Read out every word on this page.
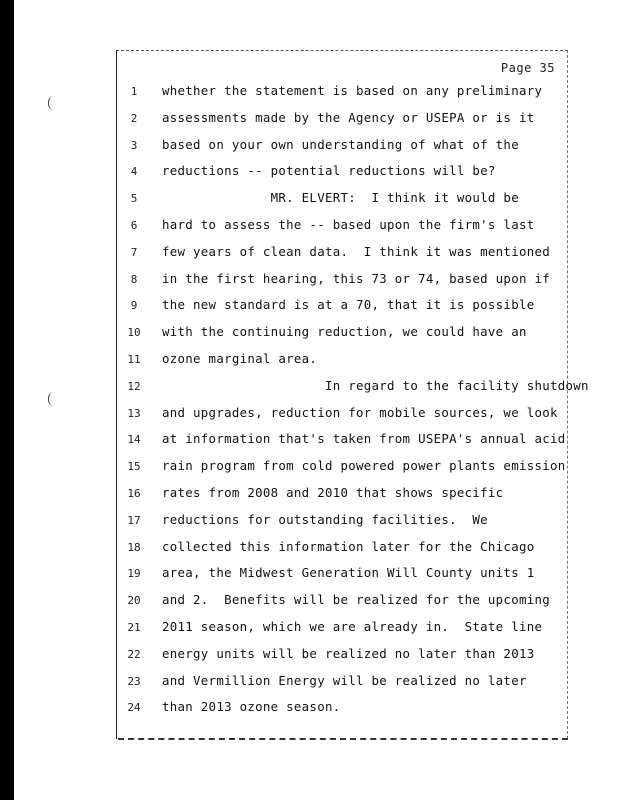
Page 35
1	whether the statement is based on any preliminary
2	assessments made by the Agency or USEPA or is it
3	based on your own understanding of what of the
4	reductions -- potential reductions will be?
5	MR. ELVERT:  I think it would be
6	hard to assess the -- based upon the firm's last
7	few years of clean data.  I think it was mentioned
8	in the first hearing, this 73 or 74, based upon if
9	the new standard is at a 70, that it is possible
10	with the continuing reduction, we could have an
11	ozone marginal area.
12	In regard to the facility shutdown
13	and upgrades, reduction for mobile sources, we look
14	at information that's taken from USEPA's annual acid
15	rain program from cold powered power plants emission
16	rates from 2008 and 2010 that shows specific
17	reductions for outstanding facilities.  We
18	collected this information later for the Chicago
19	area, the Midwest Generation Will County units 1
20	and 2.  Benefits will be realized for the upcoming
21	2011 season, which we are already in.  State line
22	energy units will be realized no later than 2013
23	and Vermillion Energy will be realized no later
24	than 2013 ozone season.
